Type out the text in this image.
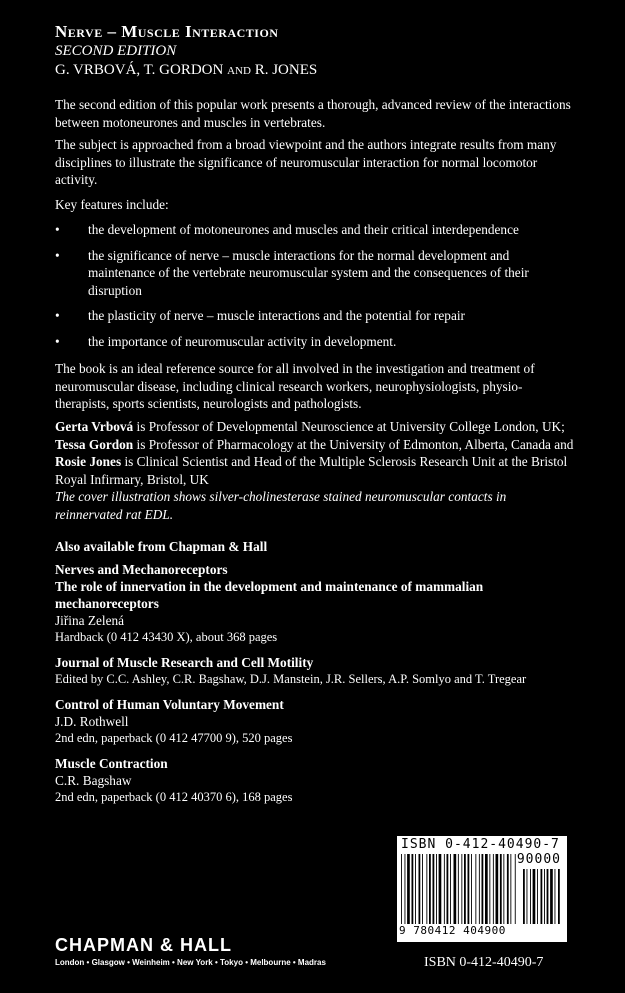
Nerve – Muscle Interaction
SECOND EDITION
G. VRBOVÁ, T. GORDON and R. JONES
The second edition of this popular work presents a thorough, advanced review of the interactions between motoneurones and muscles in vertebrates.
The subject is approached from a broad viewpoint and the authors integrate results from many disciplines to illustrate the significance of neuromuscular interaction for normal locomotor activity.
Key features include:
• the development of motoneurones and muscles and their critical interdependence
• the significance of nerve – muscle interactions for the normal development and maintenance of the vertebrate neuromuscular system and the consequences of their disruption
• the plasticity of nerve – muscle interactions and the potential for repair
• the importance of neuromuscular activity in development.
The book is an ideal reference source for all involved in the investigation and treatment of neuromuscular disease, including clinical research workers, neurophysiologists, physio-therapists, sports scientists, neurologists and pathologists.
Gerta Vrbová is Professor of Developmental Neuroscience at University College London, UK; Tessa Gordon is Professor of Pharmacology at the University of Edmonton, Alberta, Canada and Rosie Jones is Clinical Scientist and Head of the Multiple Sclerosis Research Unit at the Bristol Royal Infirmary, Bristol, UK
The cover illustration shows silver-cholinesterase stained neuromuscular contacts in reinnervated rat EDL.
Also available from Chapman & Hall
Nerves and Mechanoreceptors
The role of innervation in the development and maintenance of mammalian mechanoreceptors
Jiřina Zelená
Hardback (0 412 43430 X), about 368 pages
Journal of Muscle Research and Cell Motility
Edited by C.C. Ashley, C.R. Bagshaw, D.J. Manstein, J.R. Sellers, A.P. Somlyo and T. Tregear
Control of Human Voluntary Movement
J.D. Rothwell
2nd edn, paperback (0 412 47700 9), 520 pages
Muscle Contraction
C.R. Bagshaw
2nd edn, paperback (0 412 40370 6), 168 pages
ISBN 0-412-40490-7
90000
9 780412 404900
CHAPMAN & HALL
London • Glasgow • Weinheim • New York • Tokyo • Melbourne • Madras	ISBN 0-412-40490-7
